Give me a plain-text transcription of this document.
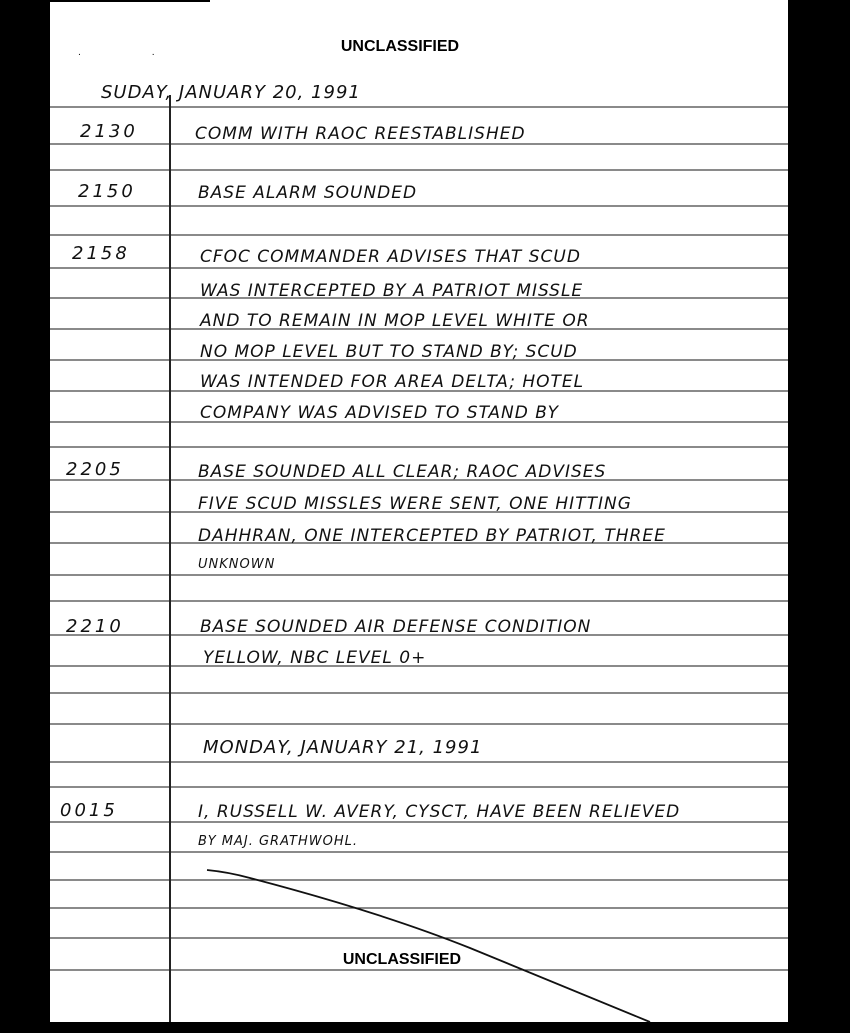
UNCLASSIFIED
. .
SUDAY, JANUARY 20, 1991
2130	COMM WITH RAOC REESTABLISHED
2150	BASE ALARM SOUNDED
2158	CFOC COMMANDER ADVISES THAT SCUD
WAS INTERCEPTED BY A PATRIOT MISSLE
AND TO REMAIN IN MOP LEVEL WHITE OR
NO MOP LEVEL BUT TO STAND BY; SCUD
WAS INTENDED FOR AREA DELTA; HOTEL
COMPANY WAS ADVISED TO STAND BY
2205	BASE SOUNDED ALL CLEAR; RAOC ADVISES
FIVE SCUD MISSLES WERE SENT, ONE HITTING
DAHHRAN, ONE INTERCEPTED BY PATRIOT, THREE
UNKNOWN
2210	BASE SOUNDED AIR DEFENSE CONDITION
YELLOW, NBC LEVEL 0+
MONDAY, JANUARY 21, 1991
0015	I, RUSSELL W. AVERY, CYSCT, HAVE BEEN RELIEVED
BY MAJ. GRATHWOHL.
UNCLASSIFIED
